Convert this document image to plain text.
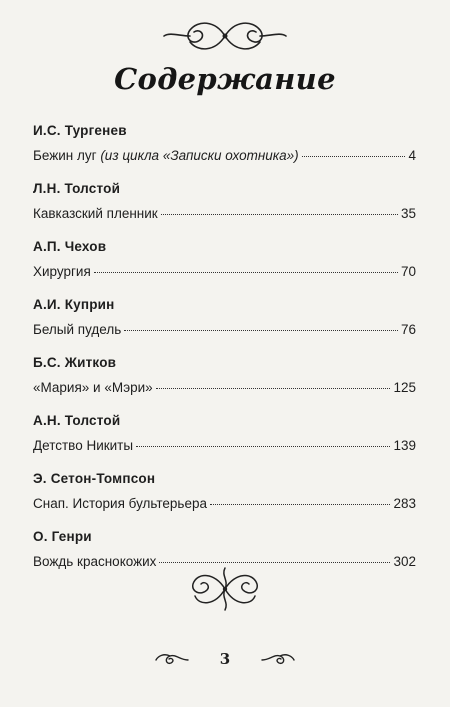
Содержание
И.С. Тургенев
Бежин луг (из цикла «Записки охотника»)	4
Л.Н. Толстой
Кавказский пленник	35
А.П. Чехов
Хирургия	70
А.И. Куприн
Белый пудель	76
Б.С. Житков
«Мария» и «Мэри»	125
А.Н. Толстой
Детство Никиты	139
Э. Сетон-Томпсон
Снап. История бультерьера	283
О. Генри
Вождь краснокожих	302
3
